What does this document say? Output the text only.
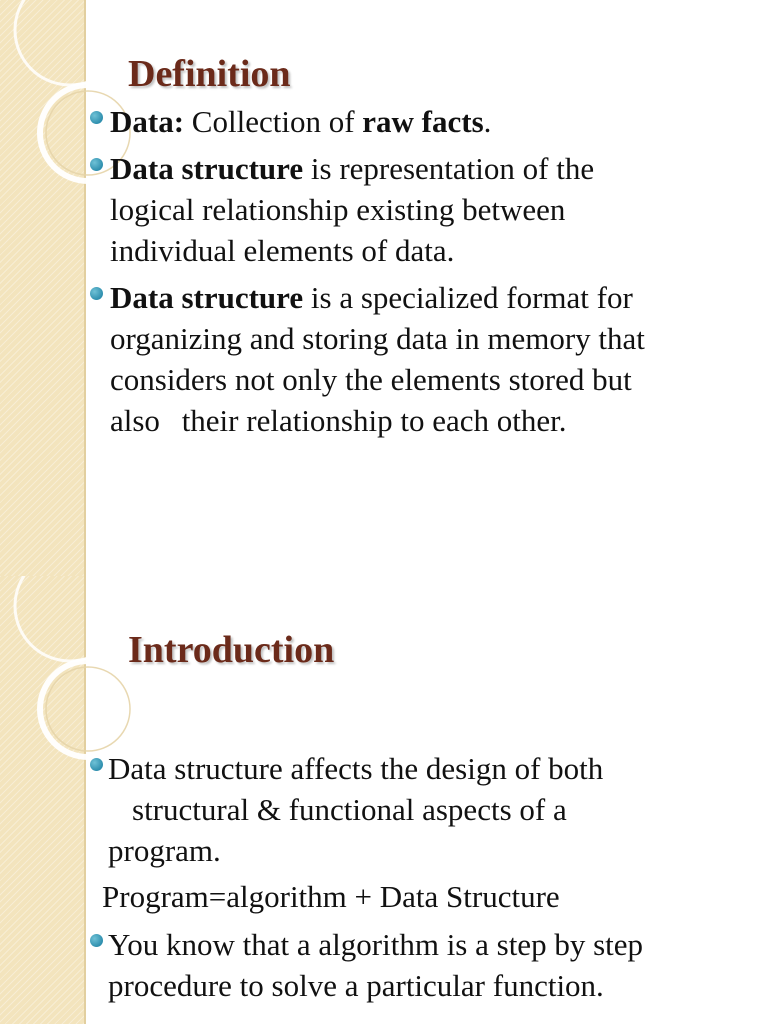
Definition
Data: Collection of raw facts.
Data structure is representation of the
logical relationship existing between
individual elements of data.
Data structure is a specialized format for
organizing and storing data in memory that
considers not only the elements stored but
also their relationship to each other.
Introduction
Data structure affects the design of both
structural & functional aspects of a
program.
Program=algorithm + Data Structure
You know that a algorithm is a step by step
procedure to solve a particular function.
